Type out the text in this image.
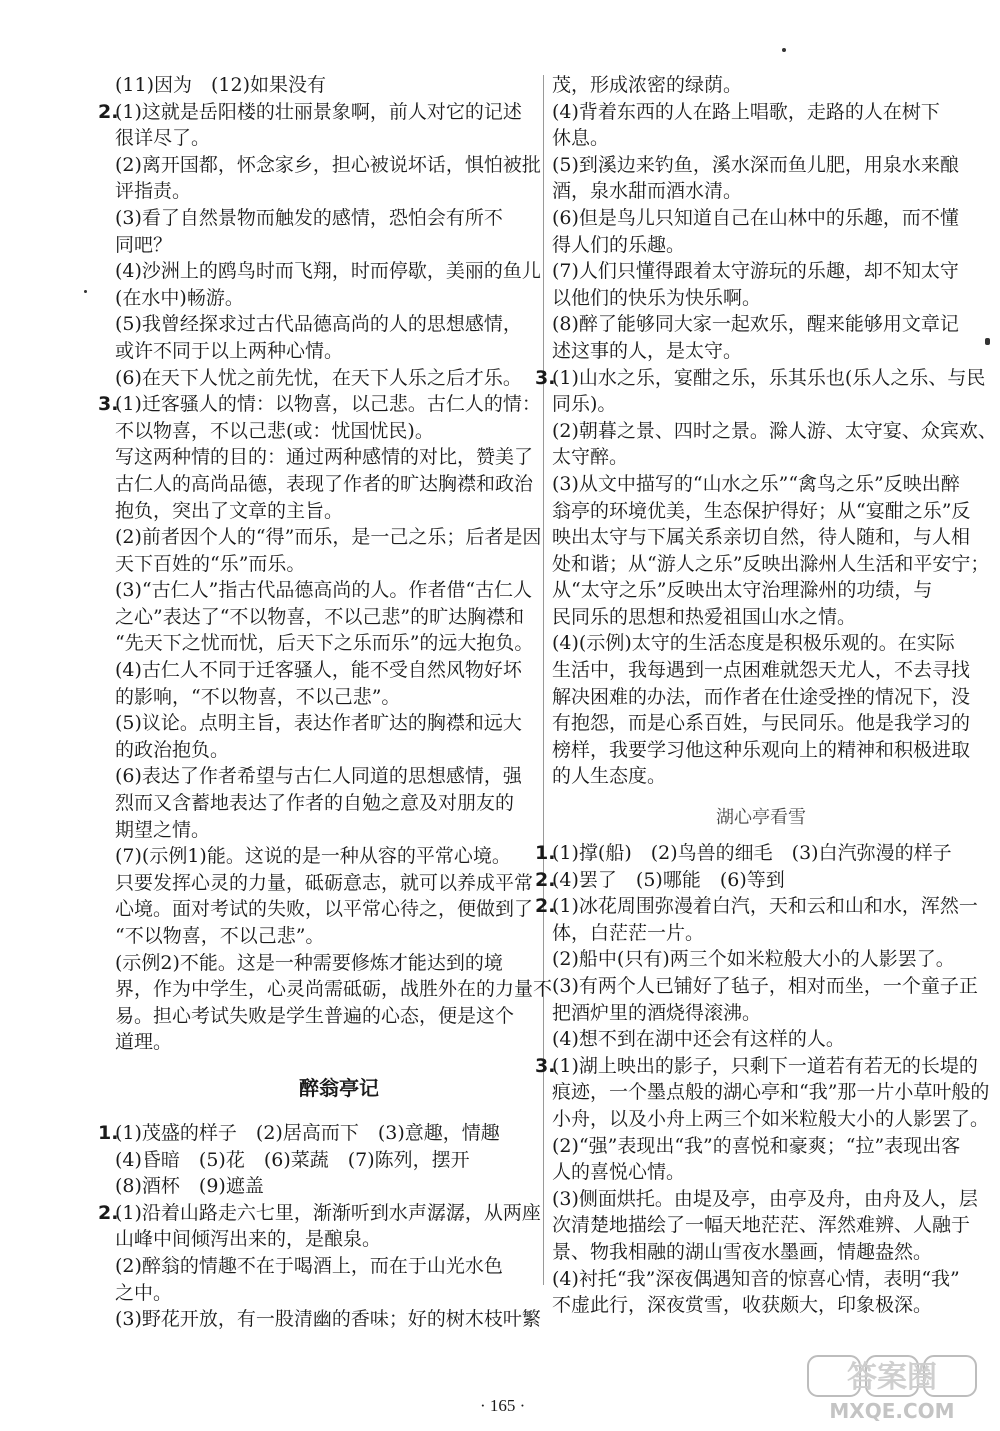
(11)因为　(12)如果没有
2.(1)这就是岳阳楼的壮丽景象啊，前人对它的记述
很详尽了。
(2)离开国都，怀念家乡，担心被说坏话，惧怕被批
评指责。
(3)看了自然景物而触发的感情，恐怕会有所不
同吧？
(4)沙洲上的鸥鸟时而飞翔，时而停歇，美丽的鱼儿
(在水中)畅游。
(5)我曾经探求过古代品德高尚的人的思想感情，
或许不同于以上两种心情。
(6)在天下人忧之前先忧，在天下人乐之后才乐。
3.(1)迁客骚人的情：以物喜，以己悲。古仁人的情：
不以物喜，不以己悲(或：忧国忧民)。
写这两种情的目的：通过两种感情的对比，赞美了
古仁人的高尚品德，表现了作者的旷达胸襟和政治
抱负，突出了文章的主旨。
(2)前者因个人的“得”而乐，是一己之乐；后者是因
天下百姓的“乐”而乐。
(3)“古仁人”指古代品德高尚的人。作者借“古仁人
之心”表达了“不以物喜，不以己悲”的旷达胸襟和
“先天下之忧而忧，后天下之乐而乐”的远大抱负。
(4)古仁人不同于迁客骚人，能不受自然风物好坏
的影响，“不以物喜，不以己悲”。
(5)议论。点明主旨，表达作者旷达的胸襟和远大
的政治抱负。
(6)表达了作者希望与古仁人同道的思想感情，强
烈而又含蓄地表达了作者的自勉之意及对朋友的
期望之情。
(7)(示例1)能。这说的是一种从容的平常心境。
只要发挥心灵的力量，砥砺意志，就可以养成平常
心境。面对考试的失败，以平常心待之，便做到了
“不以物喜，不以己悲”。
(示例2)不能。这是一种需要修炼才能达到的境
界，作为中学生，心灵尚需砥砺，战胜外在的力量不
易。担心考试失败是学生普遍的心态，便是这个
道理。
醉翁亭记
1.(1)茂盛的样子　(2)居高而下　(3)意趣，情趣
(4)昏暗　(5)花　(6)菜蔬　(7)陈列，摆开
(8)酒杯　(9)遮盖
2.(1)沿着山路走六七里，渐渐听到水声潺潺，从两座
山峰中间倾泻出来的，是酿泉。
(2)醉翁的情趣不在于喝酒上，而在于山光水色
之中。
(3)野花开放，有一股清幽的香味；好的树木枝叶繁
茂，形成浓密的绿荫。
(4)背着东西的人在路上唱歌，走路的人在树下
休息。
(5)到溪边来钓鱼，溪水深而鱼儿肥，用泉水来酿
酒，泉水甜而酒水清。
(6)但是鸟儿只知道自己在山林中的乐趣，而不懂
得人们的乐趣。
(7)人们只懂得跟着太守游玩的乐趣，却不知太守
以他们的快乐为快乐啊。
(8)醉了能够同大家一起欢乐，醒来能够用文章记
述这事的人，是太守。
3.(1)山水之乐，宴酣之乐，乐其乐也(乐人之乐、与民
同乐)。
(2)朝暮之景、四时之景。滁人游、太守宴、众宾欢、
太守醉。
(3)从文中描写的“山水之乐”“禽鸟之乐”反映出醉
翁亭的环境优美，生态保护得好；从“宴酣之乐”反
映出太守与下属关系亲切自然，待人随和，与人相
处和谐；从“游人之乐”反映出滁州人生活和平安宁；
从“太守之乐”反映出太守治理滁州的功绩，与
民同乐的思想和热爱祖国山水之情。
(4)(示例)太守的生活态度是积极乐观的。在实际
生活中，我每遇到一点困难就怨天尤人，不去寻找
解决困难的办法，而作者在仕途受挫的情况下，没
有抱怨，而是心系百姓，与民同乐。他是我学习的
榜样，我要学习他这种乐观向上的精神和积极进取
的人生态度。
湖心亭看雪
1.(1)撑(船)　(2)鸟兽的细毛　(3)白汽弥漫的样子
2.(4)罢了　(5)哪能　(6)等到
2.(1)冰花周围弥漫着白汽，天和云和山和水，浑然一
体，白茫茫一片。
(2)船中(只有)两三个如米粒般大小的人影罢了。
(3)有两个人已铺好了毡子，相对而坐，一个童子正
把酒炉里的酒烧得滚沸。
(4)想不到在湖中还会有这样的人。
3.(1)湖上映出的影子，只剩下一道若有若无的长堤的
痕迹，一个墨点般的湖心亭和“我”那一片小草叶般的
小舟，以及小舟上两三个如米粒般大小的人影罢了。
(2)“强”表现出“我”的喜悦和豪爽；“拉”表现出客
人的喜悦心情。
(3)侧面烘托。由堤及亭，由亭及舟，由舟及人，层
次清楚地描绘了一幅天地茫茫、浑然难辨、人融于
景、物我相融的湖山雪夜水墨画，情趣盎然。
(4)衬托“我”深夜偶遇知音的惊喜心情，表明“我”
不虚此行，深夜赏雪，收获颇大，印象极深。
· 165 ·
答案圈
MXQE.COM
